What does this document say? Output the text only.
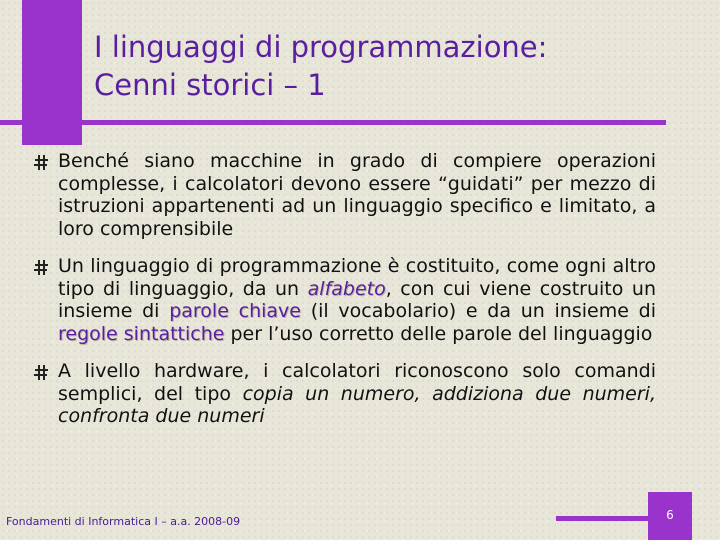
I linguaggi di programmazione:
Cenni storici – 1
Benché siano macchine in grado di compiere operazioni complesse, i calcolatori devono essere “guidati” per mezzo di istruzioni appartenenti ad un linguaggio specifico e limitato, a loro comprensibile
Un linguaggio di programmazione è costituito, come ogni altro tipo di linguaggio, da un alfabeto, con cui viene costruito un insieme di parole chiave (il vocabolario) e da un insieme di regole sintattiche per l’uso corretto delle parole del linguaggio
A livello hardware, i calcolatori riconoscono solo comandi semplici, del tipo copia un numero, addiziona due numeri, confronta due numeri
Fondamenti di Informatica I – a.a. 2008-09	6
